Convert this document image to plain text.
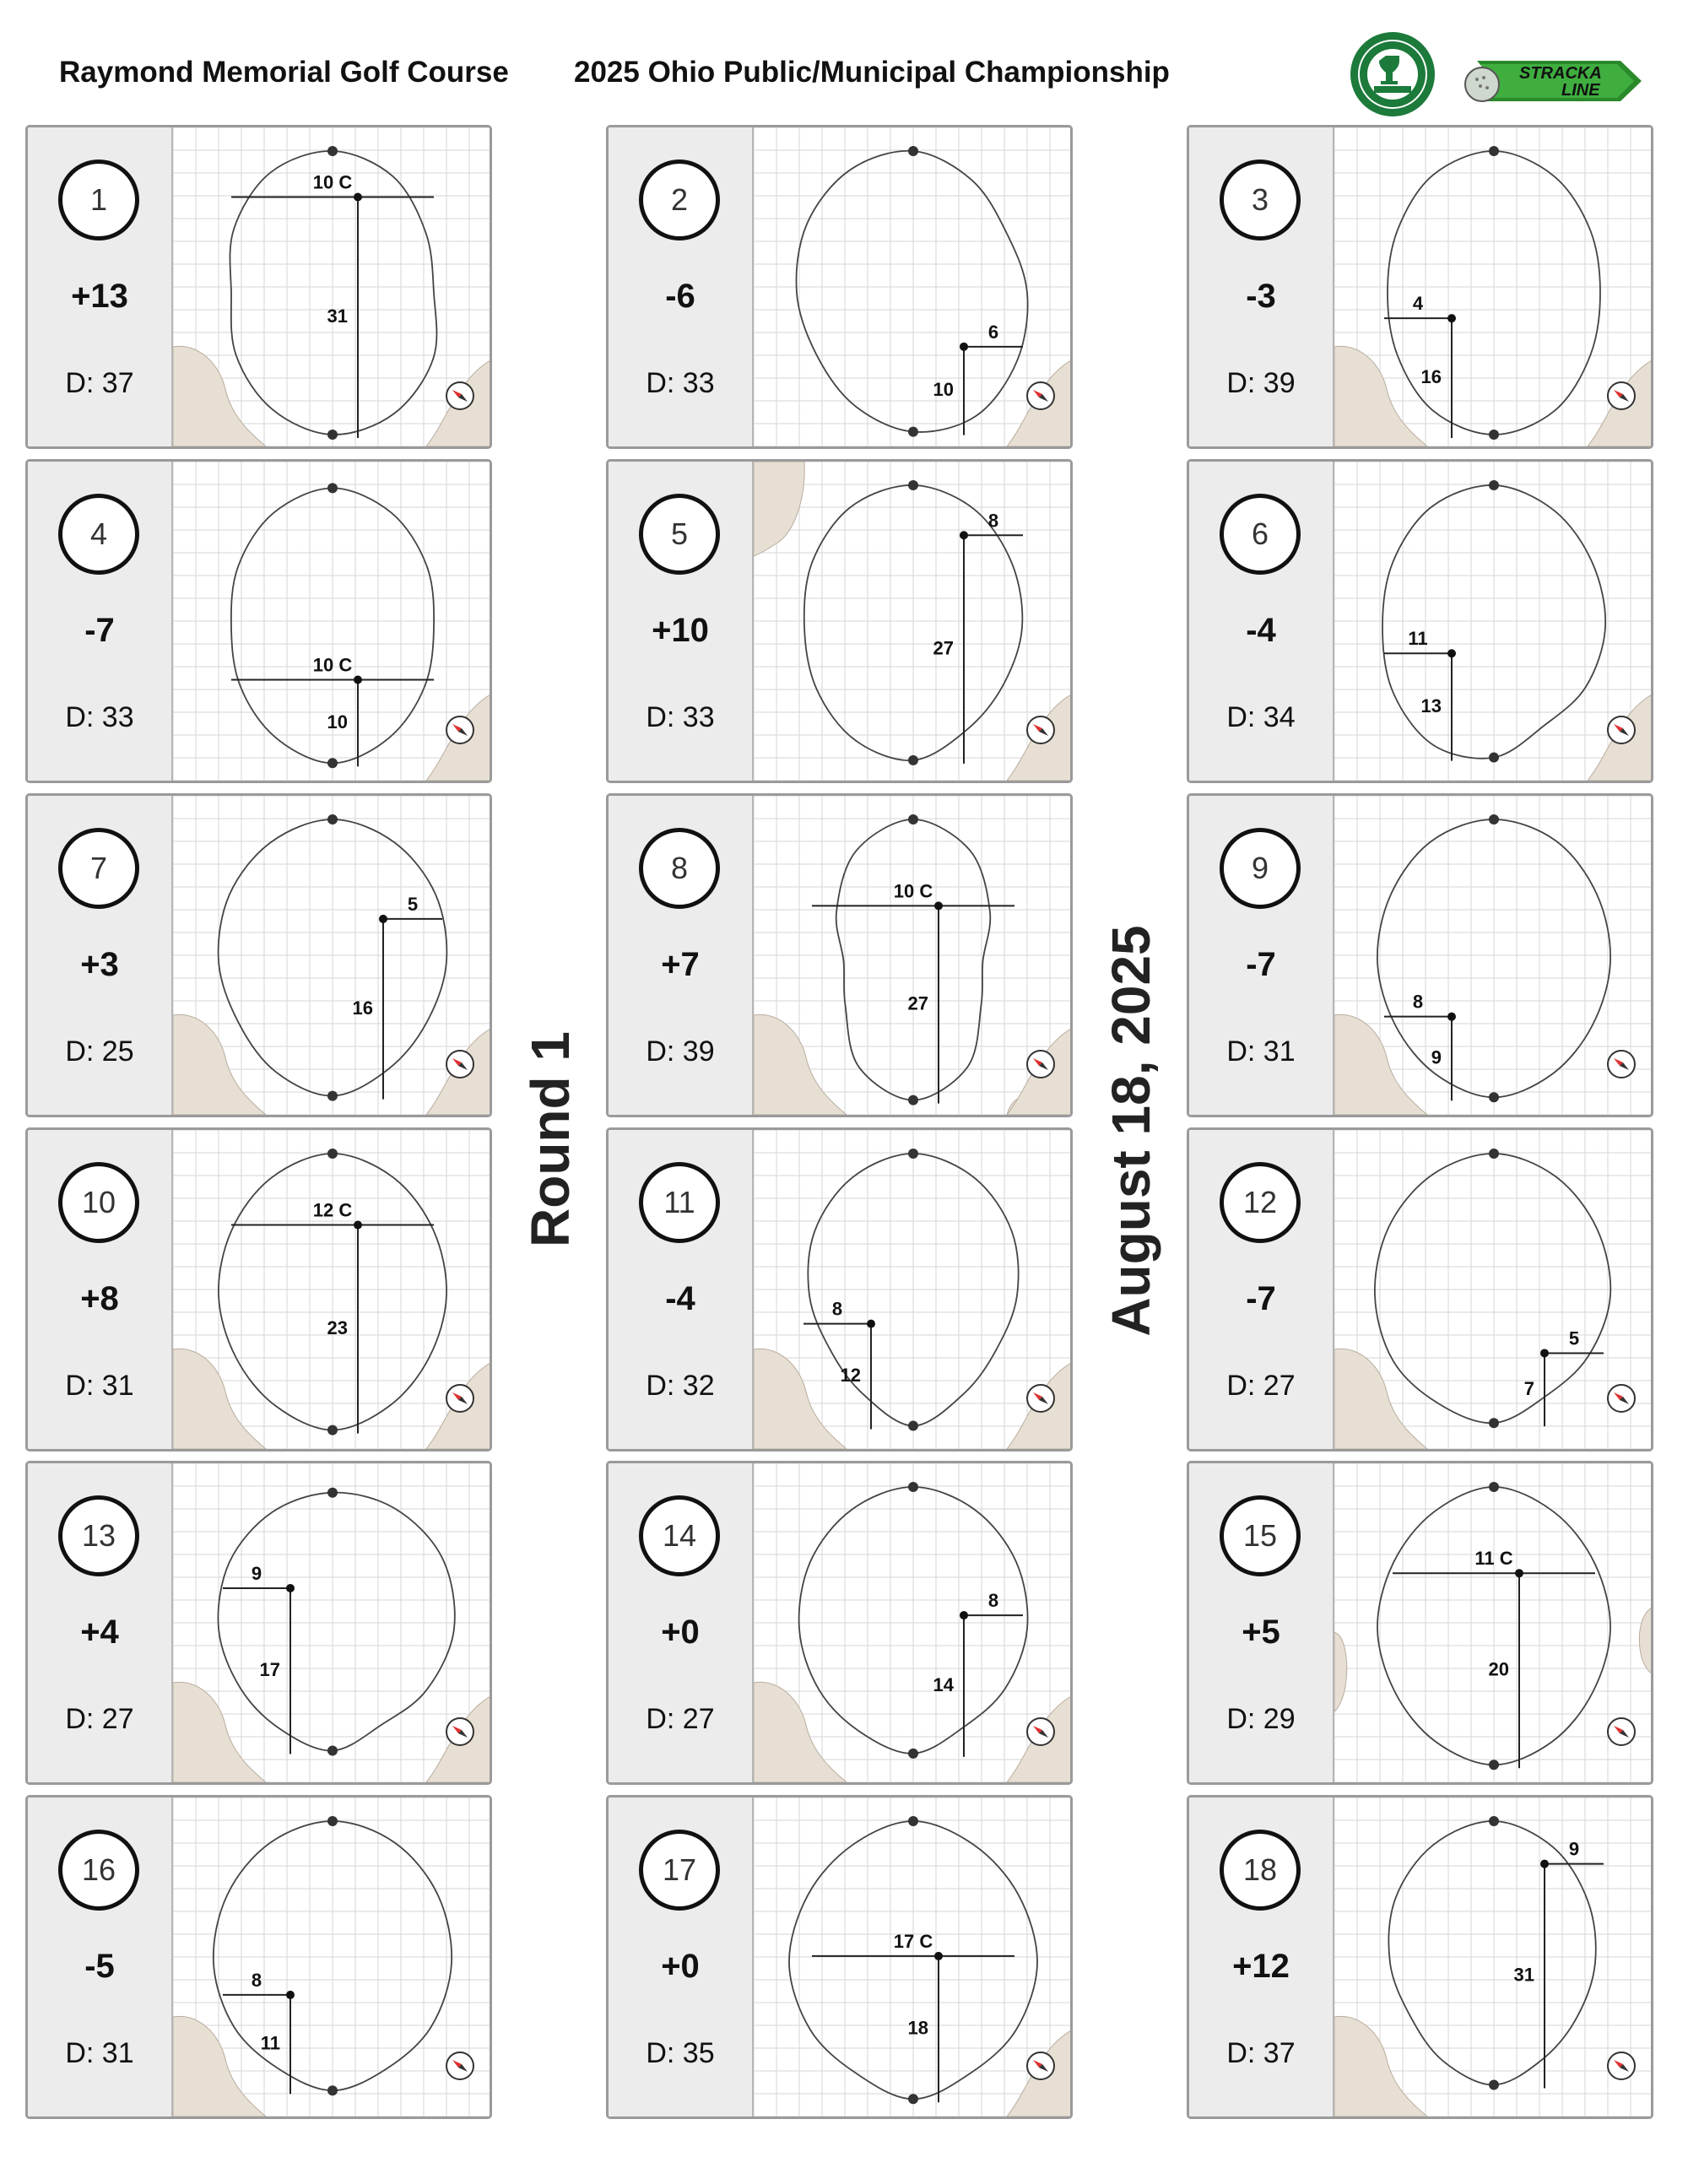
Raymond Memorial Golf Course 2025 Ohio Public/Municipal Championship	STRACKA
LINE
Round 1	August 18, 2025
1
+13
D: 37
10 C
31
2
-6
D: 33
6
10
3
-3
D: 39
4
16
4
-7
D: 33
10 C
10
5
+10
D: 33
8
27
6
-4
D: 34
11
13
7
+3
D: 25
5
16
8
+7
D: 39
10 C
27
9
-7
D: 31
8
9
10
+8
D: 31
12 C
23
11
-4
D: 32
8
12
12
-7
D: 27
5
7
13
+4
D: 27
9
17
14
+0
D: 27
8
14
15
+5
D: 29
11 C
20
16
-5
D: 31
8
11
17
+0
D: 35
17 C
18
18
+12
D: 37
9
31
